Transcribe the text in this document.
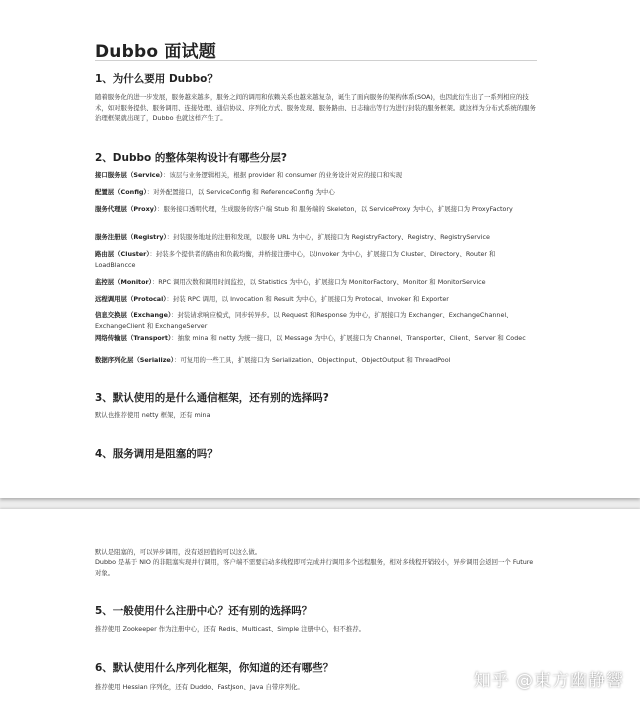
Dubbo 面试题
1、为什么要用 Dubbo？

随着服务化的进一步发展，服务越来越多，服务之间的调用和依赖关系也越来越复杂，诞生了面向服务的架构体系(SOA)，也因此衍生出了一系列相应的技术，如对服务提供、服务调用、连接处理、通信协议、序列化方式、服务发现、服务路由、日志输出等行为进行封装的服务框架。就这样为分布式系统的服务治理框架就出现了，Dubbo 也就这样产生了。

2、Dubbo 的整体架构设计有哪些分层?
接口服务层（Service）：该层与业务逻辑相关，根据 provider 和 consumer 的业务设计对应的接口和实现
配置层（Config）：对外配置接口，以 ServiceConfig 和 ReferenceConfig 为中心
服务代理层（Proxy）：服务接口透明代理，生成服务的客户端 Stub 和 服务端的 Skeleton，以 ServiceProxy 为中心，扩展接口为 ProxyFactory
服务注册层（Registry）：封装服务地址的注册和发现，以服务 URL 为中心，扩展接口为 RegistryFactory、Registry、RegistryService
路由层（Cluster）：封装多个提供者的路由和负载均衡，并桥接注册中心，以Invoker 为中心，扩展接口为 Cluster、Directory、Router 和 LoadBlancce
监控层（Monitor）：RPC 调用次数和调用时间监控，以 Statistics 为中心，扩展接口为 MonitorFactory、Monitor 和 MonitorService
远程调用层（Protocal）：封装 RPC 调用，以 Invocation 和 Result 为中心，扩展接口为 Protocal、Invoker 和 Exporter
信息交换层（Exchange）：封装请求响应模式，同步转异步。以 Request 和Response 为中心，扩展接口为 Exchanger、ExchangeChannel、ExchangeClient 和 ExchangeServer
网络传输层（Transport）：抽象 mina 和 netty 为统一接口，以 Message 为中心，扩展接口为 Channel、Transporter、Client、Server 和 Codec
数据序列化层（Serialize）：可复用的一些工具，扩展接口为 Serialization、ObjectInput、ObjectOutput 和 ThreadPool
3、默认使用的是什么通信框架，还有别的选择吗?

默认也推荐使用 netty 框架，还有 mina

4、服务调用是阻塞的吗？

默认是阻塞的，可以异步调用，没有返回值的可以这么做。

Dubbo 是基于 NIO 的非阻塞实现并行调用，客户端不需要启动多线程即可完成并行调用多个远程服务，相对多线程开销较小，异步调用会返回一个 Future 对象。

5、一般使用什么注册中心？还有别的选择吗？

推荐使用 Zookeeper 作为注册中心，还有 Redis、Multicast、Simple 注册中心，但不推荐。

6、默认使用什么序列化框架，你知道的还有哪些？

推荐使用 Hessian 序列化，还有 Duddo、FastJson、Java 自带序列化。	知乎 @東方幽静響
